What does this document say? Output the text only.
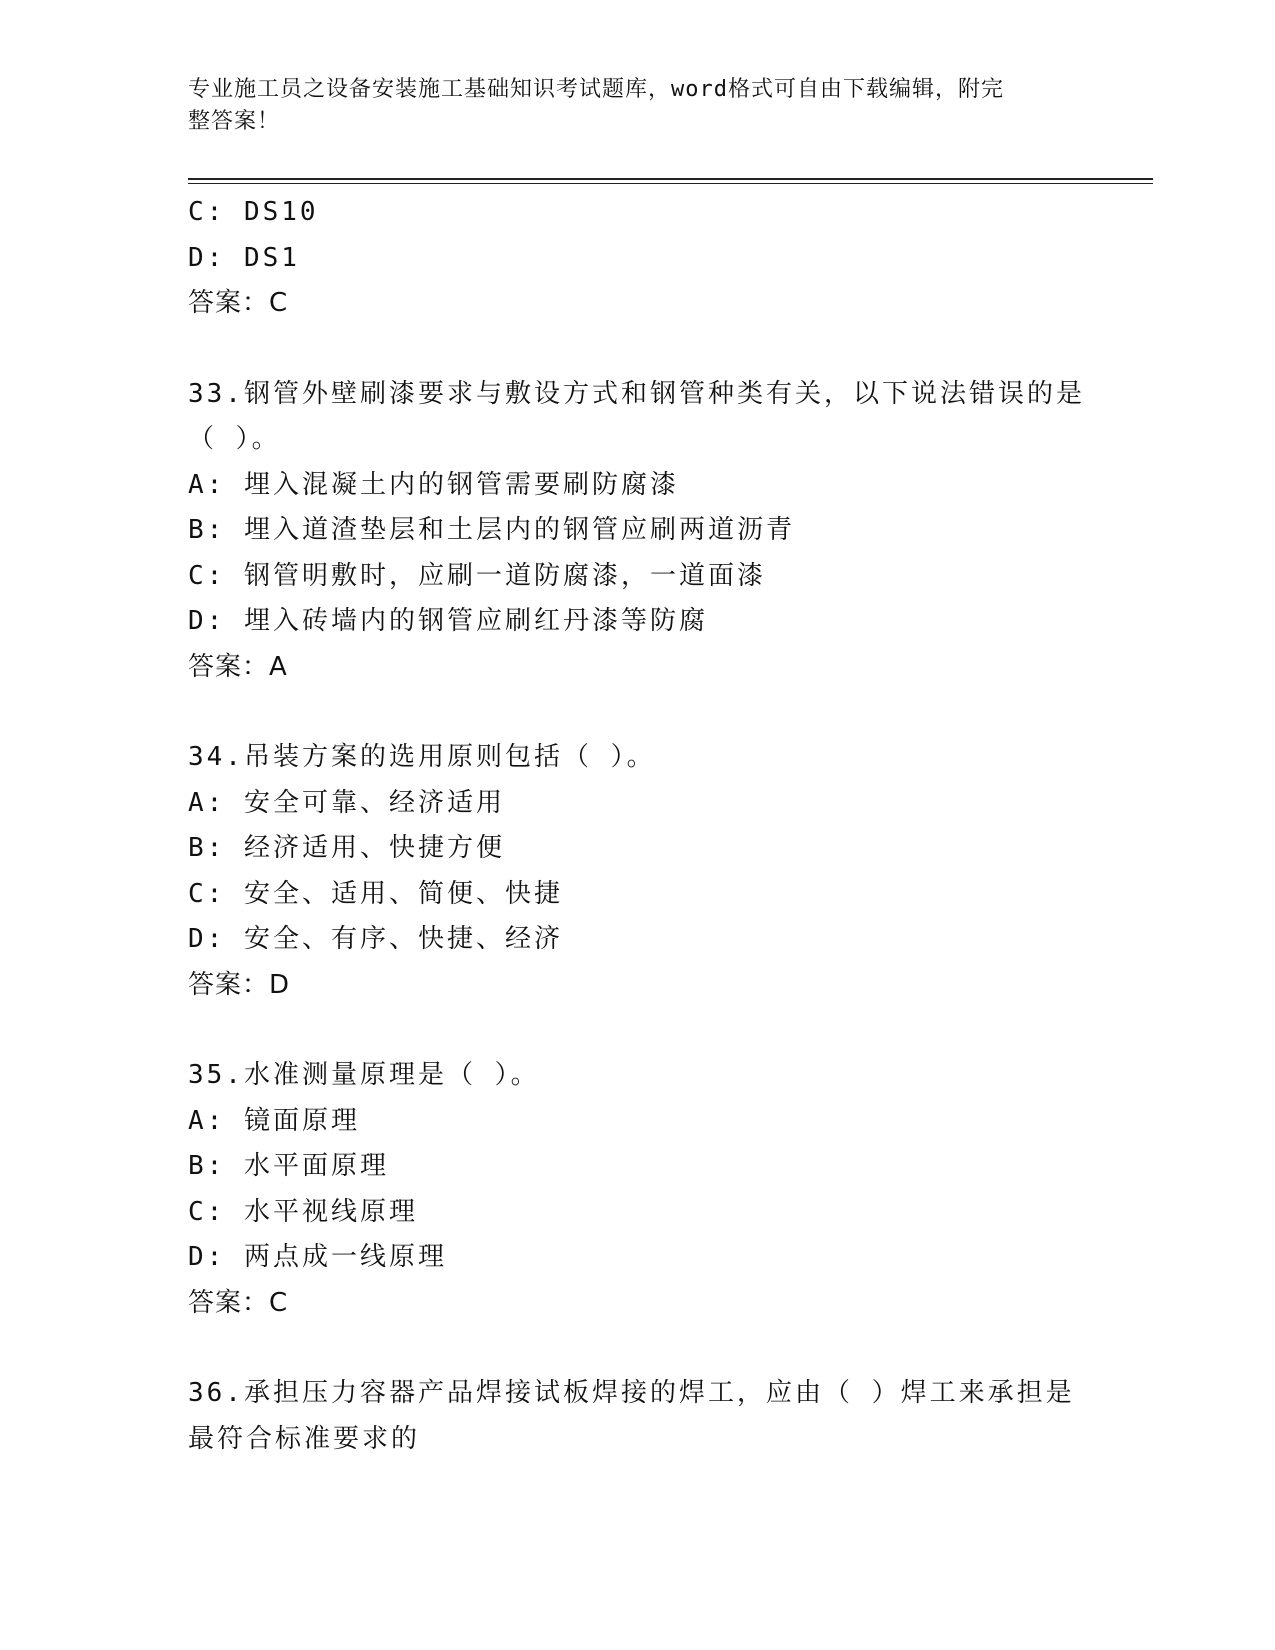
专业施工员之设备安装施工基础知识考试题库，word格式可自由下载编辑，附完
整答案！
C: DS10
D: DS1
答案：C
33.钢管外壁刷漆要求与敷设方式和钢管种类有关，以下说法错误的是
（ ）。
A: 埋入混凝土内的钢管需要刷防腐漆
B: 埋入道渣垫层和土层内的钢管应刷两道沥青
C: 钢管明敷时，应刷一道防腐漆，一道面漆
D: 埋入砖墙内的钢管应刷红丹漆等防腐
答案：A
34.吊装方案的选用原则包括（ ）。
A: 安全可靠、经济适用
B: 经济适用、快捷方便
C: 安全、适用、简便、快捷
D: 安全、有序、快捷、经济
答案：D
35.水准测量原理是（ ）。
A: 镜面原理
B: 水平面原理
C: 水平视线原理
D: 两点成一线原理
答案：C
36.承担压力容器产品焊接试板焊接的焊工，应由（ ）焊工来承担是
最符合标准要求的
